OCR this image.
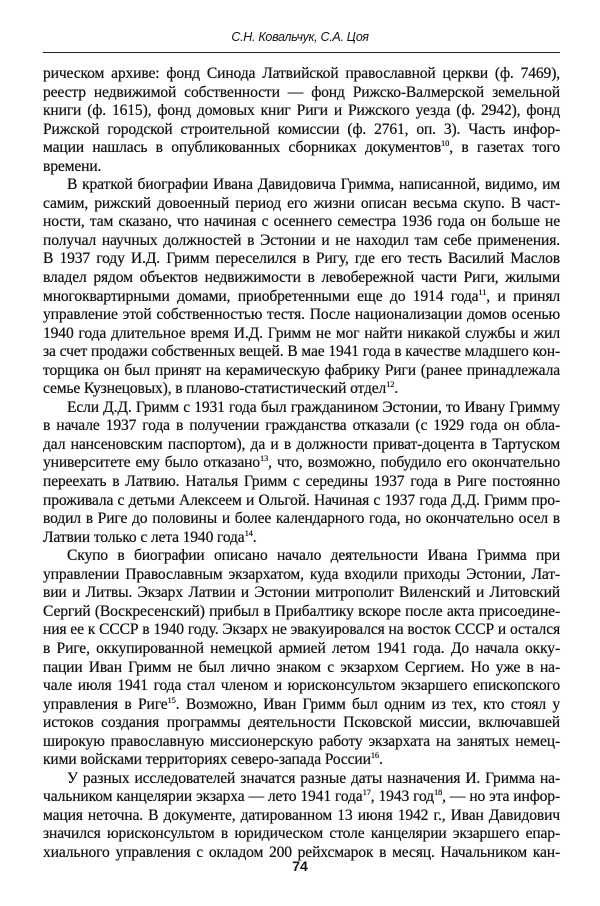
С.Н. Ковальчук, С.А. Цоя
рическом архиве: фонд Синода Латвийской православной церкви (ф. 7469),
реестр недвижимой собственности — фонд Рижско-Валмерской земельной
книги (ф. 1615), фонд домовых книг Риги и Рижского уезда (ф. 2942), фонд
Рижской городской строительной комиссии (ф. 2761, оп. 3). Часть инфор-
мации нашлась в опубликованных сборниках документов$^{10}$, в газетах того
времени.
В краткой биографии Ивана Давидовича Гримма, написанной, видимо, им
самим, рижский довоенный период его жизни описан весьма скупо. В част-
ности, там сказано, что начиная с осеннего семестра 1936 года он больше не
получал научных должностей в Эстонии и не находил там себе применения.
В 1937 году И.Д. Гримм переселился в Ригу, где его тесть Василий Маслов
владел рядом объектов недвижимости в левобережной части Риги, жилыми
многоквартирными домами, приобретенными еще до 1914 года$^{11}$, и принял
управление этой собственностью тестя. После национализации домов осенью
1940 года длительное время И.Д. Гримм не мог найти никакой службы и жил
за счет продажи собственных вещей. В мае 1941 года в качестве младшего кон-
торщика он был принят на керамическую фабрику Риги (ранее принадлежала
семье Кузнецовых), в планово-статистический отдел$^{12}$.
Если Д.Д. Гримм с 1931 года был гражданином Эстонии, то Ивану Гримму
в начале 1937 года в получении гражданства отказали (с 1929 года он обла-
дал нансеновским паспортом), да и в должности приват-доцента в Тартуском
университете ему было отказано$^{13}$, что, возможно, побудило его окончательно
переехать в Латвию. Наталья Гримм с середины 1937 года в Риге постоянно
проживала с детьми Алексеем и Ольгой. Начиная с 1937 года Д.Д. Гримм про-
водил в Риге до половины и более календарного года, но окончательно осел в
Латвии только с лета 1940 года$^{14}$.
Скупо в биографии описано начало деятельности Ивана Гримма при
управлении Православным экзархатом, куда входили приходы Эстонии, Лат-
вии и Литвы. Экзарх Латвии и Эстонии митрополит Виленский и Литовский
Сергий (Воскресенский) прибыл в Прибалтику вскоре после акта присоедине-
ния ее к СССР в 1940 году. Экзарх не эвакуировался на восток СССР и остался
в Риге, оккупированной немецкой армией летом 1941 года. До начала окку-
пации Иван Гримм не был лично знаком с экзархом Сергием. Но уже в на-
чале июля 1941 года стал членом и юрисконсультом экзаршего епископского
управления в Риге$^{15}$. Возможно, Иван Гримм был одним из тех, кто стоял у
истоков создания программы деятельности Псковской миссии, включавшей
широкую православную миссионерскую работу экзархата на занятых немец-
кими войсками территориях северо-запада России$^{16}$.
У разных исследователей значатся разные даты назначения И. Гримма на-
чальником канцелярии экзарха — лето 1941 года$^{17}$, 1943 год$^{18}$, — но эта инфор-
мация неточна. В документе, датированном 13 июня 1942 г., Иван Давидович
значился юрисконсультом в юридическом столе канцелярии экзаршего епар-
хиального управления с окладом 200 рейхсмарок в месяц. Начальником кан-
74
